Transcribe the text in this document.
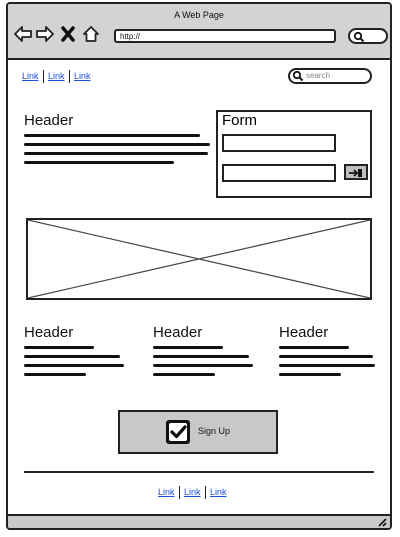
A Web Page
http://
Link Link Link	search
Header	Form
Header	Header	Header
Sign Up
Link Link Link
